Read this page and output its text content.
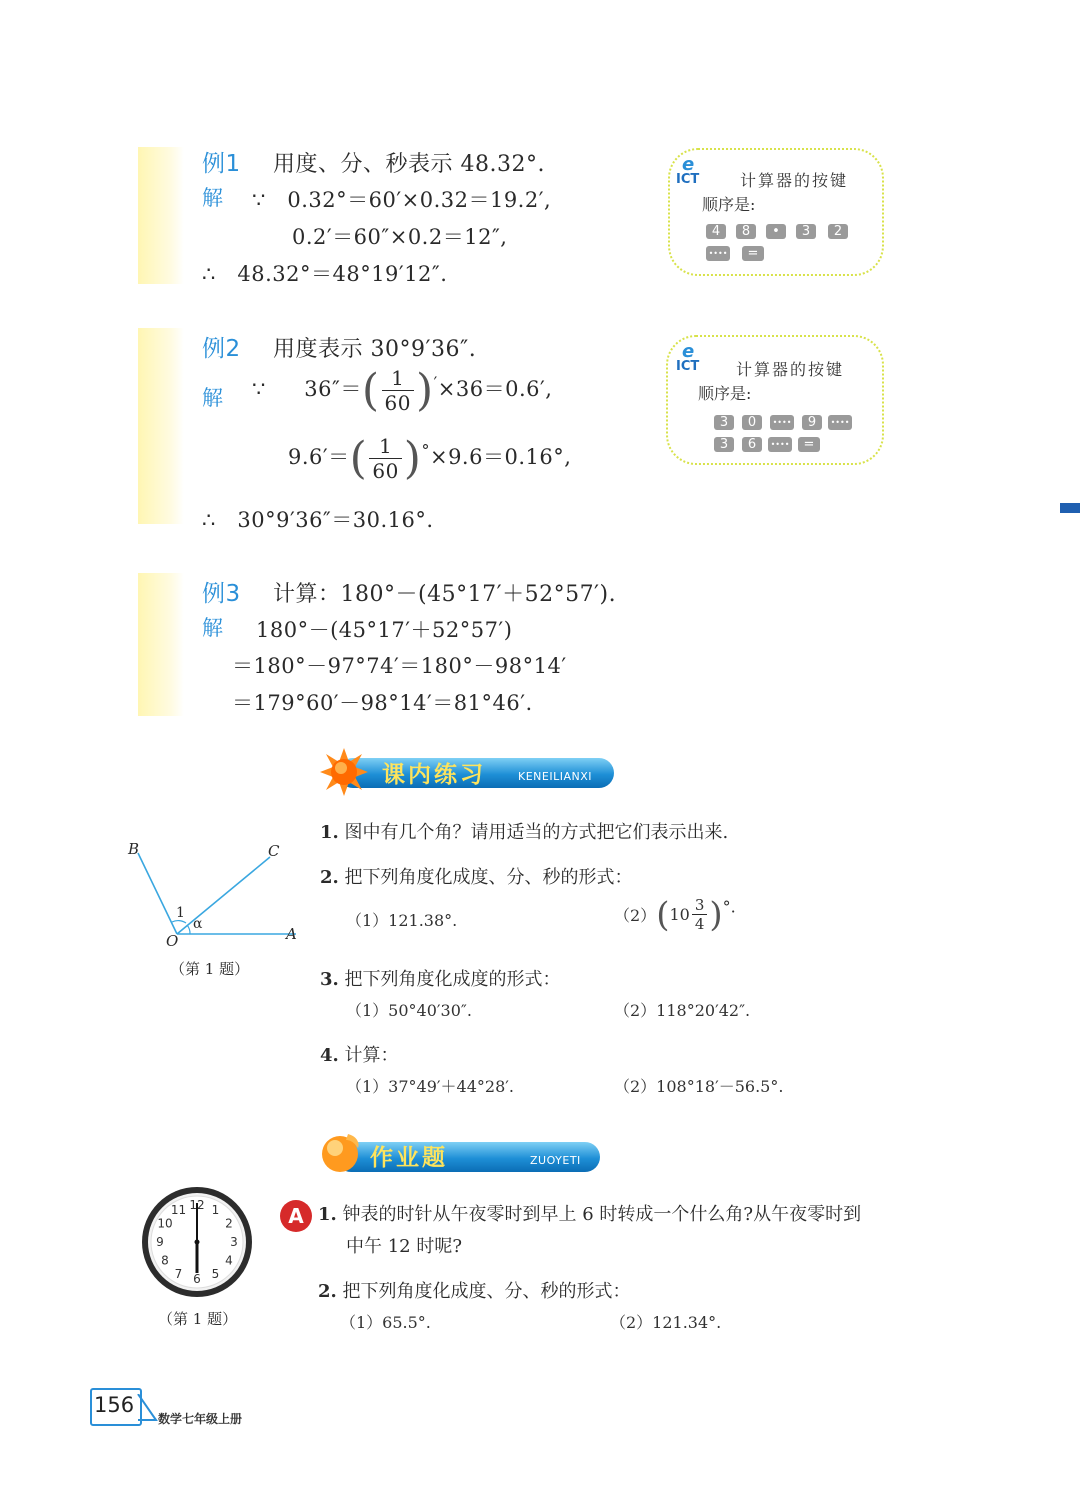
例1 用度、分、秒表示 48.32°.
解 ∵　0.32°＝60′×0.32＝19.2′,
0.2′＝60″×0.2＝12″,
∴　48.32°＝48°19′12″.
e
ICT	计算器的按键
顺序是:
4	8	•	3	2
••••	=
例2 用度表示 30°9′36″.
解 ∵ $36''=( \frac{1}{60} )'\times 36=0.6'$,
$9.6'=( \frac{1}{60} )^\circ\times 9.6=0.16^\circ$,
∴　30°9′36″＝30.16°.
e
ICT 计算器的按键
顺序是:
3	0	••••	9	••••
3	6	••••	=
例3 计算：180°－(45°17′＋52°57′).
解 180°－(45°17′＋52°57′)
＝180°－97°74′＝180°－98°14′
＝179°60′－98°14′＝81°46′.
课内练习	KENEILIANXI
B	C
A
O
1
α
（第 1 题）
1. 图中有几个角？请用适当的方式把它们表示出来.
2. 把下列角度化成度、分、秒的形式：
（1）121.38°.	$(2)(10 \frac{3}{4}$ )°.
3. 把下列角度化成度的形式：
（1）50°40′30″.	（2）118°20′42″.
4. 计算：
（1）37°49′＋44°28′.	（2）108°18′－56.5°.
作业题	ZUOYETI
12 1
2
3
4
5
6
7
8
9
10
11
（第 1 题）
A 1. 钟表的时针从午夜零时到早上 6 时转成一个什么角?从午夜零时到
中午 12 时呢?
2. 把下列角度化成度、分、秒的形式：
（1）65.5°.	（2）121.34°.
156
数学七年级上册
